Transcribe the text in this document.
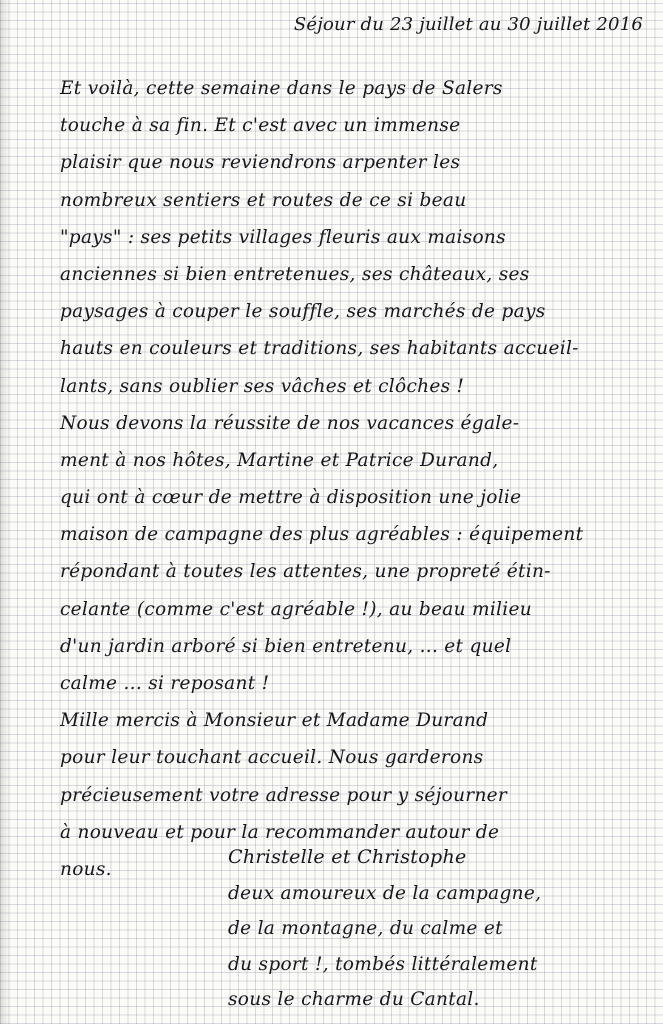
Séjour du 23 juillet au 30 juillet 2016

Et voilà, cette semaine dans le pays de Salers
touche à sa fin. Et c'est avec un immense
plaisir que nous reviendrons arpenter les
nombreux sentiers et routes de ce si beau
"pays" : ses petits villages fleuris aux maisons
anciennes si bien entretenues, ses châteaux, ses
paysages à couper le souffle, ses marchés de pays
hauts en couleurs et traditions, ses habitants accueil-
lants, sans oublier ses vâches et clôches !
Nous devons la réussite de nos vacances égale-
ment à nos hôtes, Martine et Patrice Durand,
qui ont à cœur de mettre à disposition une jolie
maison de campagne des plus agréables : équipement
répondant à toutes les attentes, une propreté étin-
celante (comme c'est agréable !), au beau milieu
d'un jardin arboré si bien entretenu, ... et quel
calme ... si reposant !
Mille mercis à Monsieur et Madame Durand
pour leur touchant accueil. Nous garderons
précieusement votre adresse pour y séjourner
à nouveau et pour la recommander autour de
nous.
Christelle et Christophe
deux amoureux de la campagne,
de la montagne, du calme et
du sport !, tombés littéralement
sous le charme du Cantal.
